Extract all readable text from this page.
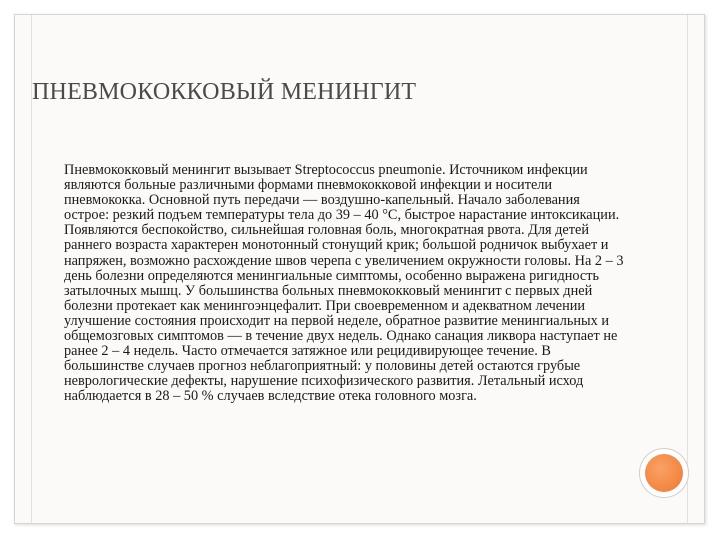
ПНЕВМОКОККОВЫЙ МЕНИНГИТ
Пневмококковый менингит вызывает Streptococcus pneumonie. Источником инфекции
являются больные различными формами пневмококковой инфекции и носители
пневмококка. Основной путь передачи — воздушно-капельный. Начало заболевания
острое: резкий подъем температуры тела до 39 – 40 °С, быстрое нарастание интоксикации.
Появляются беспокойство, сильнейшая головная боль, многократная рвота. Для детей
раннего возраста характерен монотонный стонущий крик; большой родничок выбухает и
напряжен, возможно расхождение швов черепа с увеличением окружности головы. На 2 – 3
день болезни определяются менингиальные симптомы, особенно выражена ригидность
затылочных мышц. У большинства больных пневмококковый менингит с первых дней
болезни протекает как менингоэнцефалит. При своевременном и адекватном лечении
улучшение состояния происходит на первой неделе, обратное развитие менингиальных и
общемозговых симптомов — в течение двух недель. Однако санация ликвора наступает не
ранее 2 – 4 недель. Часто отмечается затяжное или рецидивирующее течение. В
большинстве случаев прогноз неблагоприятный: у половины детей остаются грубые
неврологические дефекты, нарушение психофизического развития. Летальный исход
наблюдается в 28 – 50 % случаев вследствие отека головного мозга.
